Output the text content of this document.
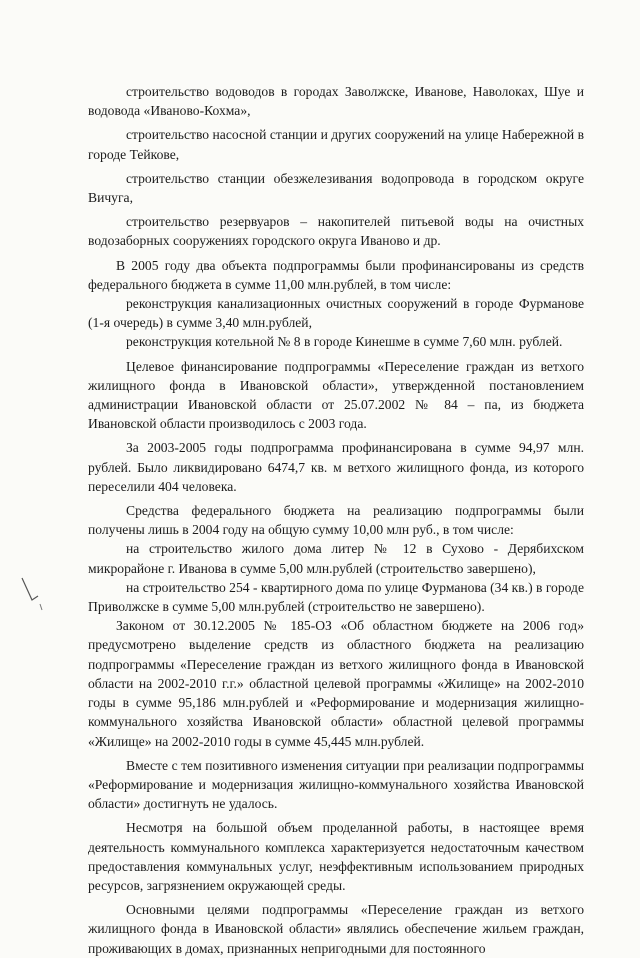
строительство водоводов в городах Заволжске, Иванове, Наволоках, Шуе и водовода «Иваново-Кохма»,

строительство насосной станции и других сооружений на улице Набережной в городе Тейкове,

строительство станции обезжелезивания водопровода в городском округе Вичуга,

строительство резервуаров – накопителей питьевой воды на очистных водозаборных сооружениях городского округа Иваново и др.

В 2005 году два объекта подпрограммы были профинансированы из средств федерального бюджета в сумме 11,00 млн.рублей, в том числе:

реконструкция канализационных очистных сооружений в городе Фурманове (1-я очередь) в сумме 3,40 млн.рублей,

реконструкция котельной № 8 в городе Кинешме в сумме 7,60 млн. рублей.

Целевое финансирование подпрограммы «Переселение граждан из ветхого жилищного фонда в Ивановской области», утвержденной постановлением администрации Ивановской области от 25.07.2002 № 84 – па, из бюджета Ивановской области производилось с 2003 года.

За 2003-2005 годы подпрограмма профинансирована в сумме 94,97 млн. рублей. Было ликвидировано 6474,7 кв. м ветхого жилищного фонда, из которого переселили 404 человека.

Средства федерального бюджета на реализацию подпрограммы были получены лишь в 2004 году на общую сумму 10,00 млн руб., в том числе:

на строительство жилого дома литер № 12 в Сухово - Дерябихском микрорайоне г. Иванова в сумме 5,00 млн.рублей (строительство завершено),

на строительство 254 - квартирного дома по улице Фурманова (34 кв.) в городе Приволжске в сумме 5,00 млн.рублей (строительство не завершено).

Законом от 30.12.2005 № 185-ОЗ «Об областном бюджете на 2006 год» предусмотрено выделение средств из областного бюджета на реализацию подпрограммы «Переселение граждан из ветхого жилищного фонда в Ивановской области на 2002-2010 г.г.» областной целевой программы «Жилище» на 2002-2010 годы в сумме 95,186 млн.рублей и «Реформирование и модернизация жилищно-коммунального хозяйства Ивановской области» областной целевой программы «Жилище» на 2002-2010 годы в сумме 45,445 млн.рублей.

Вместе с тем позитивного изменения ситуации при реализации подпрограммы «Реформирование и модернизация жилищно-коммунального хозяйства Ивановской области» достигнуть не удалось.

Несмотря на большой объем проделанной работы, в настоящее время деятельность коммунального комплекса характеризуется недостаточным качеством предоставления коммунальных услуг, неэффективным использованием природных ресурсов, загрязнением окружающей среды.

Основными целями подпрограммы «Переселение граждан из ветхого жилищного фонда в Ивановской области» являлись обеспечение жильем граждан, проживающих в домах, признанных непригодными для постоянного
